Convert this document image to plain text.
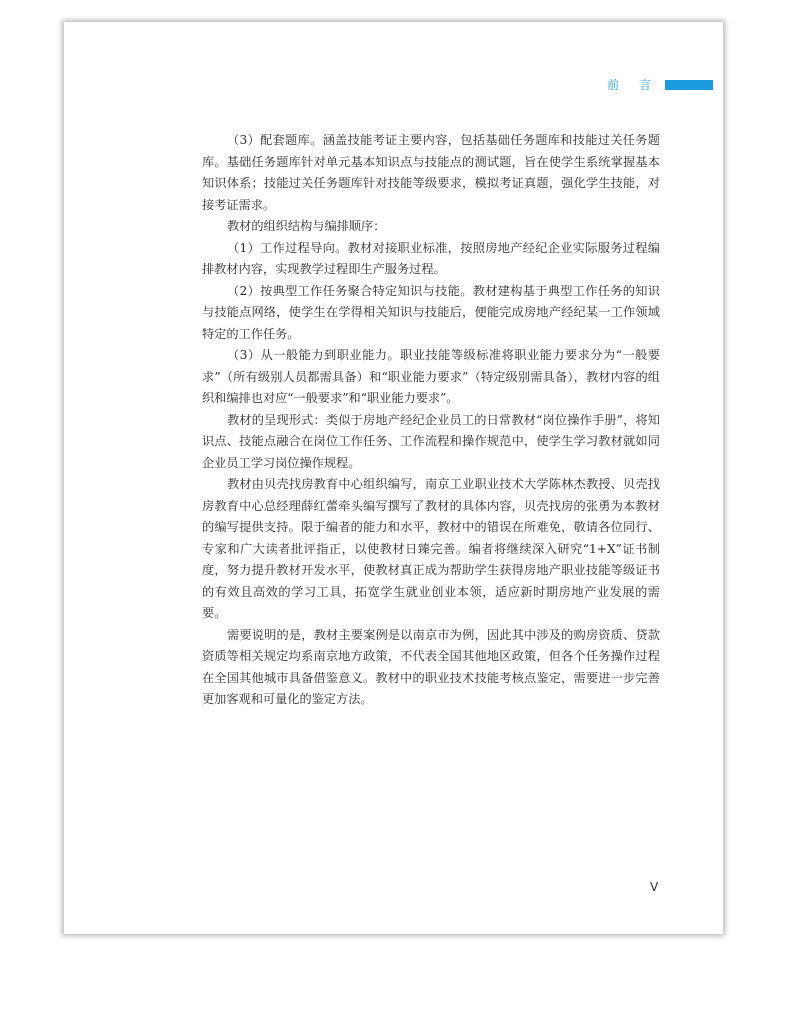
前 言

（3）配套题库。涵盖技能考证主要内容，包括基础任务题库和技能过关任务题库。基础任务题库针对单元基本知识点与技能点的测试题，旨在使学生系统掌握基本知识体系；技能过关任务题库针对技能等级要求，模拟考证真题，强化学生技能，对接考证需求。

教材的组织结构与编排顺序：

（1）工作过程导向。教材对接职业标准，按照房地产经纪企业实际服务过程编排教材内容，实现教学过程即生产服务过程。

（2）按典型工作任务聚合特定知识与技能。教材建构基于典型工作任务的知识与技能点网络，使学生在学得相关知识与技能后，便能完成房地产经纪某一工作领域特定的工作任务。

（3）从一般能力到职业能力。职业技能等级标准将职业能力要求分为“一般要求”（所有级别人员都需具备）和“职业能力要求”（特定级别需具备），教材内容的组织和编排也对应“一般要求”和“职业能力要求”。

教材的呈现形式：类似于房地产经纪企业员工的日常教材“岗位操作手册”，将知识点、技能点融合在岗位工作任务、工作流程和操作规范中，使学生学习教材就如同企业员工学习岗位操作规程。

教材由贝壳找房教育中心组织编写，南京工业职业技术大学陈林杰教授、贝壳找房教育中心总经理薛红蕾牵头编写撰写了教材的具体内容，贝壳找房的张勇为本教材的编写提供支持。限于编者的能力和水平，教材中的错误在所难免，敬请各位同行、专家和广大读者批评指正，以使教材日臻完善。编者将继续深入研究“1+X”证书制度，努力提升教材开发水平，使教材真正成为帮助学生获得房地产职业技能等级证书的有效且高效的学习工具，拓宽学生就业创业本领，适应新时期房地产业发展的需要。

需要说明的是，教材主要案例是以南京市为例，因此其中涉及的购房资质、贷款资质等相关规定均系南京地方政策，不代表全国其他地区政策，但各个任务操作过程在全国其他城市具备借鉴意义。教材中的职业技术技能考核点鉴定，需要进一步完善更加客观和可量化的鉴定方法。

V
